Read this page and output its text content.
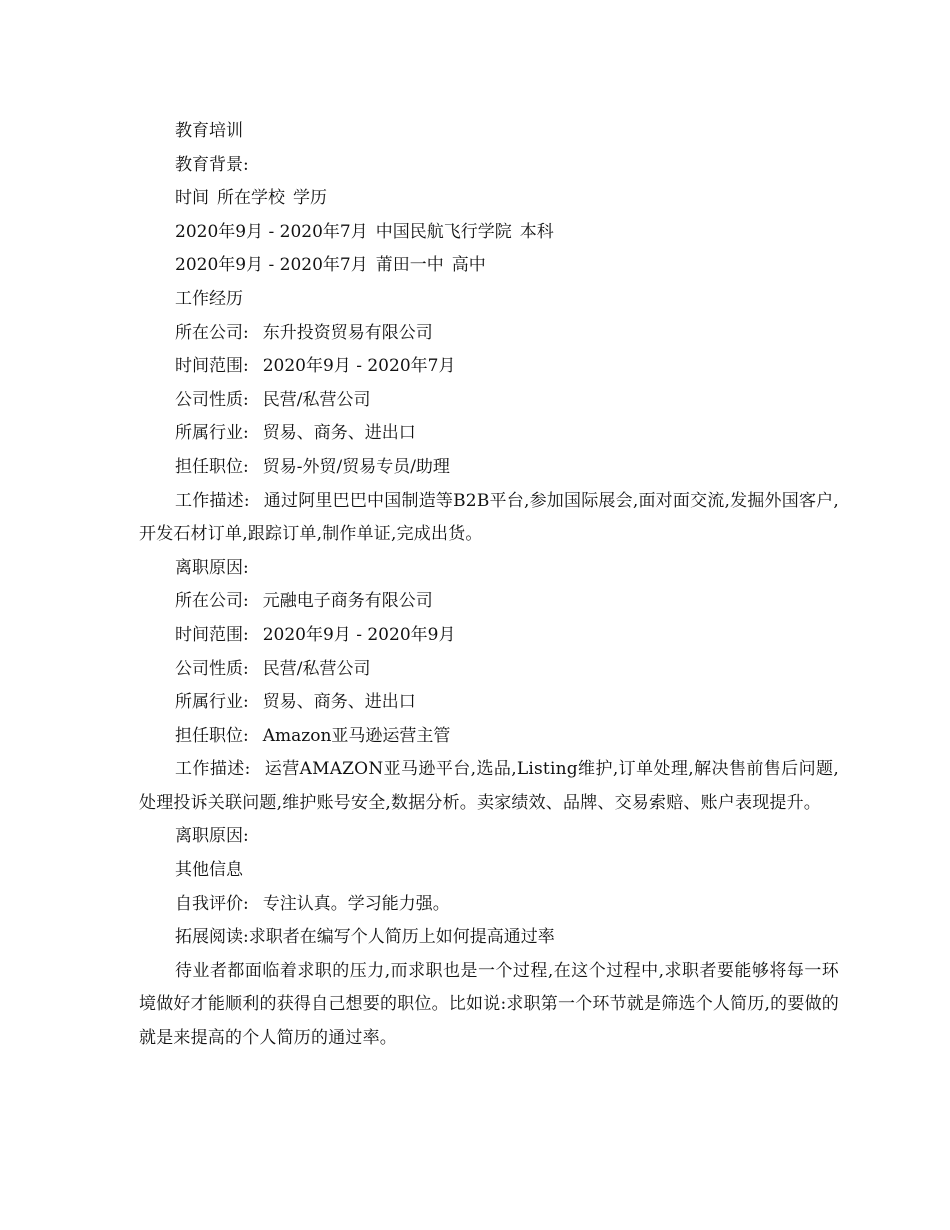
教育培训
教育背景:
时间 所在学校 学历
2020年9月 - 2020年7月 中国民航飞行学院 本科
2020年9月 - 2020年7月 莆田一中 高中
工作经历
所在公司: 东升投资贸易有限公司
时间范围: 2020年9月 - 2020年7月
公司性质: 民营/私营公司
所属行业: 贸易、商务、进出口
担任职位: 贸易-外贸/贸易专员/助理
工作描述: 通过阿里巴巴中国制造等B2B平台,参加国际展会,面对面交流,发掘外国客户,开发石材订单,跟踪订单,制作单证,完成出货。
离职原因:
所在公司: 元融电子商务有限公司
时间范围: 2020年9月 - 2020年9月
公司性质: 民营/私营公司
所属行业: 贸易、商务、进出口
担任职位: Amazon亚马逊运营主管
工作描述: 运营AMAZON亚马逊平台,选品,Listing维护,订单处理,解决售前售后问题,处理投诉关联问题,维护账号安全,数据分析。卖家绩效、品牌、交易索赔、账户表现提升。
离职原因:
其他信息
自我评价: 专注认真。学习能力强。
拓展阅读:求职者在编写个人简历上如何提高通过率
待业者都面临着求职的压力,而求职也是一个过程,在这个过程中,求职者要能够将每一环境做好才能顺利的获得自己想要的职位。比如说:求职第一个环节就是筛选个人简历,的要做的就是来提高的个人简历的通过率。
